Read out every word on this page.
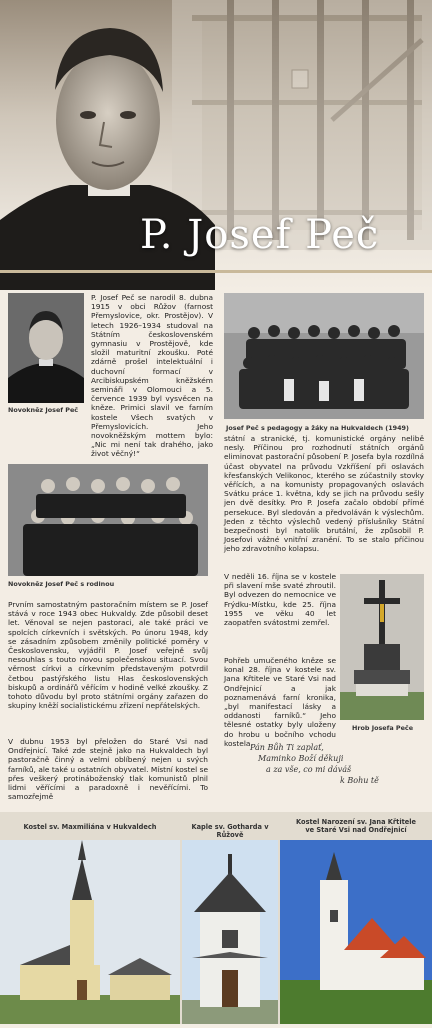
P. Josef Peč
Novokněz Josef Peč
P. Josef Peč se narodil 8. dubna 1915 v obci Růžov (farnost Přemyslovice, okr. Prostějov). V letech 1926–1934 studoval na Státním československém gymnasiu v Prostějově, kde složil maturitní zkoušku. Poté zdárně prošel intelektuální i duchovní formací v Arcibiskupském kněžském semináři v Olomouci a 5. července 1939 byl vysvěcen na kněze. Primici slavil ve farním kostele Všech svatých v Přemyslovicích. Jeho novokněžským mottem bylo: „Nic mi není tak drahého, jako život věčný!“
Josef Peč s pedagogy a žáky na Hukvaldech (1949)
Novokněz Josef Peč s rodinou
státní a stranické, tj. komunistické orgány nelibě nesly. Příčinou pro rozhodnutí státních orgánů eliminovat pastorační působení P. Josefa byla rozdílná účast obyvatel na průvodu Vzkříšení při oslavách křesťanských Velikonoc, kterého se zúčastnily stovky věřících, a na komunisty propagovaných oslavách Svátku práce 1. května, kdy se jich na průvodu sešly jen dvě desítky. Pro P. Josefa začalo období přímé persekuce. Byl sledován a předvoláván k výslechům. Jeden z těchto výslechů vedený příslušníky Státní bezpečnosti byl natolik brutální, že způsobil P. Josefovi vážné vnitřní zranění. To se stalo příčinou jeho zdravotního kolapsu.
Prvním samostatným pastoračním místem se P. Josef stává v roce 1943 obec Hukvaldy. Zde působil deset let. Věnoval se nejen pastoraci, ale také práci ve spolcích církevních i světských. Po únoru 1948, kdy se zásadním způsobem změnily politické poměry v Československu, vyjádřil P. Josef veřejně svůj nesouhlas s touto novou společenskou situací. Svou věrnost církvi a církevním představeným potvrdil četbou pastýřského listu Hlas československých biskupů a ordinářů věřícím v hodině velké zkoušky. Z tohoto důvodu byl proto státními orgány zařazen do skupiny kněží socialistickému zřízení nepřátelských.
V dubnu 1953 byl přeložen do Staré Vsi nad Ondřejnicí. Také zde stejně jako na Hukvaldech byl pastoračně činný a velmi oblíbený nejen u svých farníků, ale také u ostatních obyvatel. Místní kostel se přes veškerý protináboženský tlak komunistů plnil lidmi věřícími a paradoxně i nevěřícími. To samozřejmě
V neděli 16. října se v kostele při slavení mše svaté zhroutil. Byl odvezen do nemocnice ve Frýdku-Místku, kde 25. října 1955 ve věku 40 let zaopatřen svátostmi zemřel.
Pohřeb umučeného kněze se konal 28. října v kostele sv. Jana Křtitele ve Staré Vsi nad Ondřejnicí a jak poznamenává farní kronika, „byl manifestací lásky a oddanosti farníků.“ Jeho tělesné ostatky byly uloženy do hrobu u bočního vchodu kostela.
Hrob Josefa Peče
Pán Bůh Ti zaplať,
Maminko Boží děkuji
a za vše, co mi dáváš
k Bohu tě
Kostel sv. Maxmiliána v Hukvaldech	Kaple sv. Gotharda v Růžově
Kostel Narození sv. Jana Křtitele
ve Staré Vsi nad Ondřejnicí
